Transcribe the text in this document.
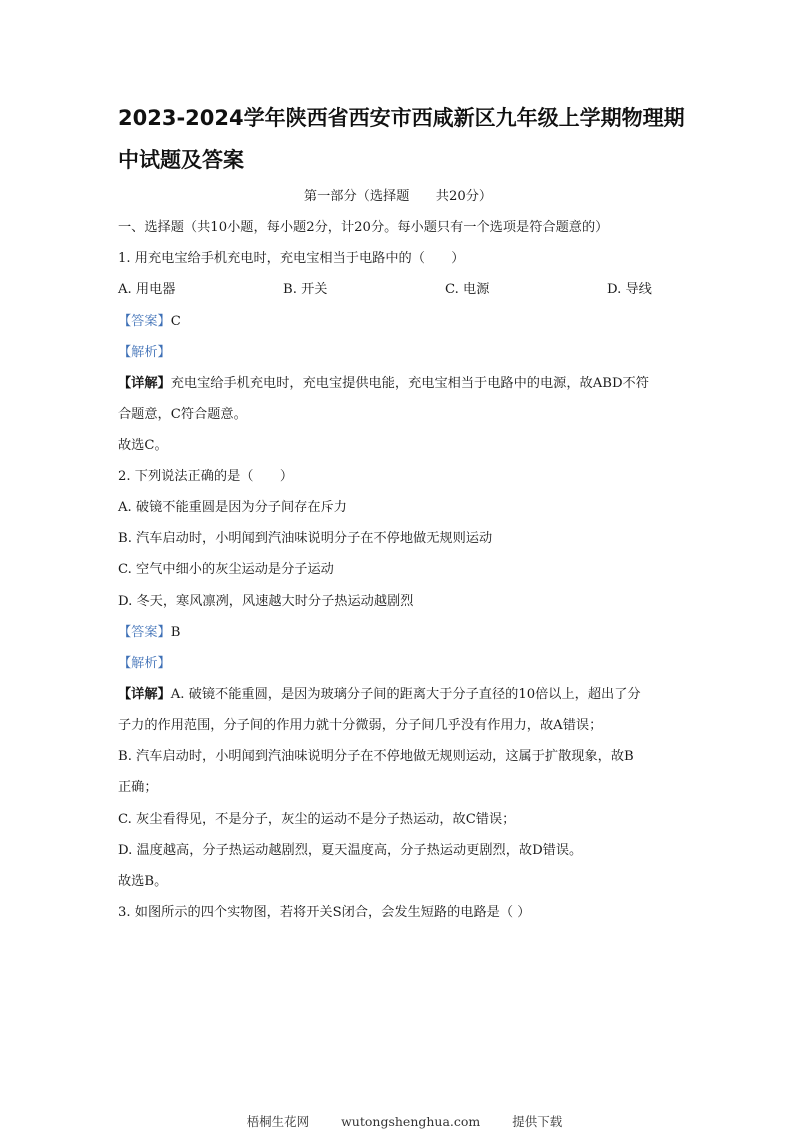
2023-2024学年陕西省西安市西咸新区九年级上学期物理期
中试题及答案
第一部分（选择题　　共20分）
一、选择题（共10小题，每小题2分，计20分。每小题只有一个选项是符合题意的）
1. 用充电宝给手机充电时，充电宝相当于电路中的（　　）
A. 用电器	B. 开关	C. 电源	D. 导线
【答案】C
【解析】
【详解】充电宝给手机充电时，充电宝提供电能，充电宝相当于电路中的电源，故ABD不符
合题意，C符合题意。
故选C。
2. 下列说法正确的是（　　）
A. 破镜不能重圆是因为分子间存在斥力
B. 汽车启动时，小明闻到汽油味说明分子在不停地做无规则运动
C. 空气中细小的灰尘运动是分子运动
D. 冬天，寒风凛冽，风速越大时分子热运动越剧烈
【答案】B
【解析】
【详解】A. 破镜不能重圆，是因为玻璃分子间的距离大于分子直径的10倍以上，超出了分
子力的作用范围，分子间的作用力就十分微弱，分子间几乎没有作用力，故A错误；
B. 汽车启动时，小明闻到汽油味说明分子在不停地做无规则运动，这属于扩散现象，故B
正确；
C. 灰尘看得见，不是分子，灰尘的运动不是分子热运动，故C错误；
D. 温度越高，分子热运动越剧烈，夏天温度高，分子热运动更剧烈，故D错误。
故选B。
3. 如图所示的四个实物图，若将开关S闭合，会发生短路的电路是（ ）

梧桐生花网	wutongshenghua.com	提供下载
